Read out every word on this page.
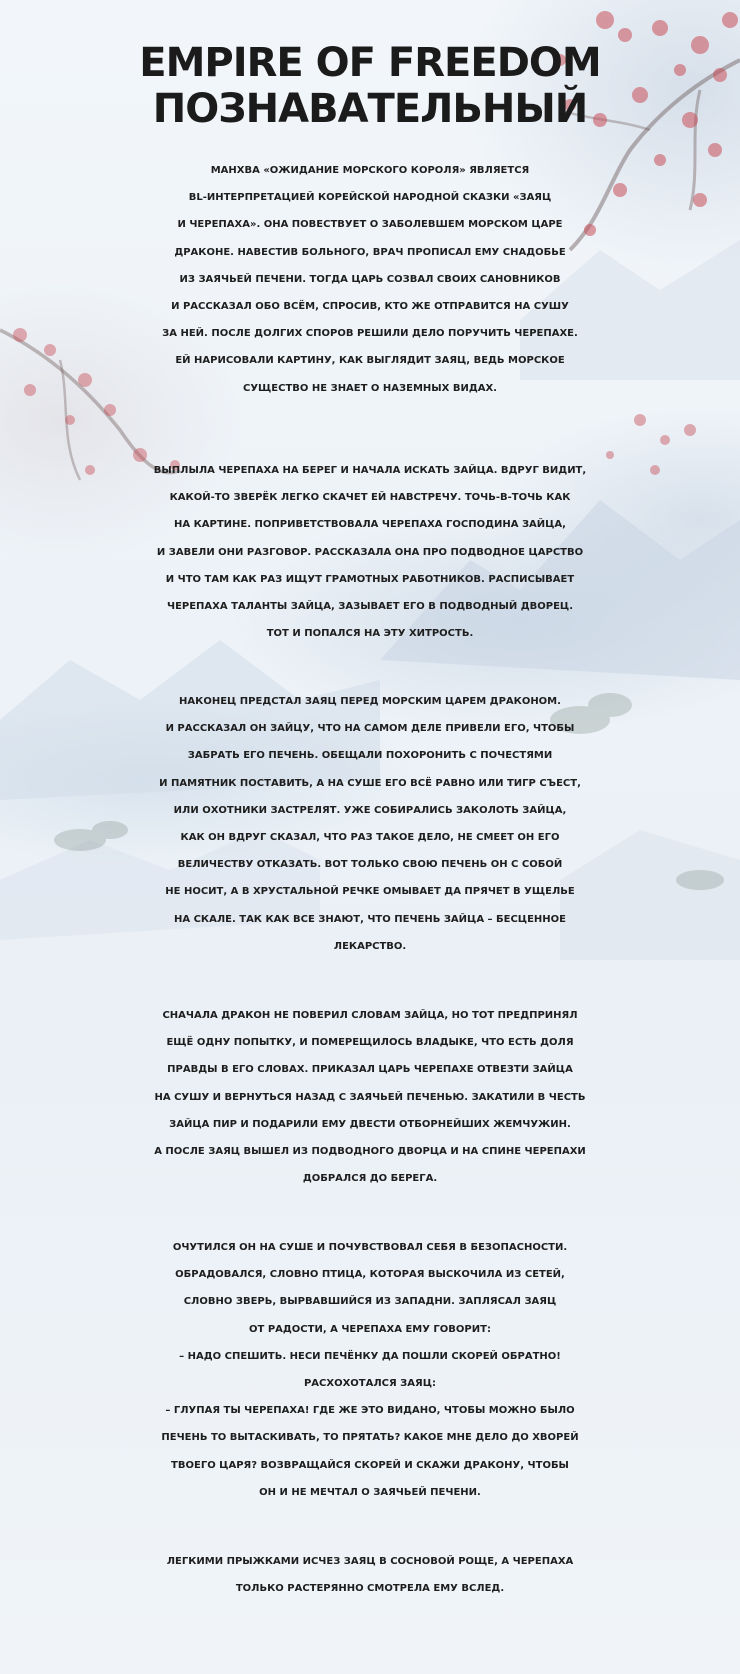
EMPIRE OF FREEDOM
ПОЗНАВАТЕЛЬНЫЙ
МАНХВА «ОЖИДАНИЕ МОРСКОГО КОРОЛЯ» ЯВЛЯЕТСЯ
BL-ИНТЕРПРЕТАЦИЕЙ КОРЕЙСКОЙ НАРОДНОЙ СКАЗКИ «ЗАЯЦ
И ЧЕРЕПАХА». ОНА ПОВЕСТВУЕТ О ЗАБОЛЕВШЕМ МОРСКОМ ЦАРЕ
ДРАКОНЕ. НАВЕСТИВ БОЛЬНОГО, ВРАЧ ПРОПИСАЛ ЕМУ СНАДОБЬЕ
ИЗ ЗАЯЧЬЕЙ ПЕЧЕНИ. ТОГДА ЦАРЬ СОЗВАЛ СВОИХ САНОВНИКОВ
И РАССКАЗАЛ ОБО ВСЁМ, СПРОСИВ, КТО ЖЕ ОТПРАВИТСЯ НА СУШУ
ЗА НЕЙ. ПОСЛЕ ДОЛГИХ СПОРОВ РЕШИЛИ ДЕЛО ПОРУЧИТЬ ЧЕРЕПАХЕ.
ЕЙ НАРИСОВАЛИ КАРТИНУ, КАК ВЫГЛЯДИТ ЗАЯЦ, ВЕДЬ МОРСКОЕ
СУЩЕСТВО НЕ ЗНАЕТ О НАЗЕМНЫХ ВИДАХ.
ВЫПЛЫЛА ЧЕРЕПАХА НА БЕРЕГ И НАЧАЛА ИСКАТЬ ЗАЙЦА. ВДРУГ ВИДИТ,
КАКОЙ-ТО ЗВЕРЁК ЛЕГКО СКАЧЕТ ЕЙ НАВСТРЕЧУ. ТОЧЬ-В-ТОЧЬ КАК
НА КАРТИНЕ. ПОПРИВЕТСТВОВАЛА ЧЕРЕПАХА ГОСПОДИНА ЗАЙЦА,
И ЗАВЕЛИ ОНИ РАЗГОВОР. РАССКАЗАЛА ОНА ПРО ПОДВОДНОЕ ЦАРСТВО
И ЧТО ТАМ КАК РАЗ ИЩУТ ГРАМОТНЫХ РАБОТНИКОВ. РАСПИСЫВАЕТ
ЧЕРЕПАХА ТАЛАНТЫ ЗАЙЦА, ЗАЗЫВАЕТ ЕГО В ПОДВОДНЫЙ ДВОРЕЦ.
ТОТ И ПОПАЛСЯ НА ЭТУ ХИТРОСТЬ.
НАКОНЕЦ ПРЕДСТАЛ ЗАЯЦ ПЕРЕД МОРСКИМ ЦАРЕМ ДРАКОНОМ.
И РАССКАЗАЛ ОН ЗАЙЦУ, ЧТО НА САМОМ ДЕЛЕ ПРИВЕЛИ ЕГО, ЧТОБЫ
ЗАБРАТЬ ЕГО ПЕЧЕНЬ. ОБЕЩАЛИ ПОХОРОНИТЬ С ПОЧЕСТЯМИ
И ПАМЯТНИК ПОСТАВИТЬ, А НА СУШЕ ЕГО ВСЁ РАВНО ИЛИ ТИГР СЪЕСТ,
ИЛИ ОХОТНИКИ ЗАСТРЕЛЯТ. УЖЕ СОБИРАЛИСЬ ЗАКОЛОТЬ ЗАЙЦА,
КАК ОН ВДРУГ СКАЗАЛ, ЧТО РАЗ ТАКОЕ ДЕЛО, НЕ СМЕЕТ ОН ЕГО
ВЕЛИЧЕСТВУ ОТКАЗАТЬ. ВОТ ТОЛЬКО СВОЮ ПЕЧЕНЬ ОН С СОБОЙ
НЕ НОСИТ, А В ХРУСТАЛЬНОЙ РЕЧКЕ ОМЫВАЕТ ДА ПРЯЧЕТ В УЩЕЛЬЕ
НА СКАЛЕ. ТАК КАК ВСЕ ЗНАЮТ, ЧТО ПЕЧЕНЬ ЗАЙЦА – БЕСЦЕННОЕ
ЛЕКАРСТВО.
СНАЧАЛА ДРАКОН НЕ ПОВЕРИЛ СЛОВАМ ЗАЙЦА, НО ТОТ ПРЕДПРИНЯЛ
ЕЩЁ ОДНУ ПОПЫТКУ, И ПОМЕРЕЩИЛОСЬ ВЛАДЫКЕ, ЧТО ЕСТЬ ДОЛЯ
ПРАВДЫ В ЕГО СЛОВАХ. ПРИКАЗАЛ ЦАРЬ ЧЕРЕПАХЕ ОТВЕЗТИ ЗАЙЦА
НА СУШУ И ВЕРНУТЬСЯ НАЗАД С ЗАЯЧЬЕЙ ПЕЧЕНЬЮ. ЗАКАТИЛИ В ЧЕСТЬ
ЗАЙЦА ПИР И ПОДАРИЛИ ЕМУ ДВЕСТИ ОТБОРНЕЙШИХ ЖЕМЧУЖИН.
А ПОСЛЕ ЗАЯЦ ВЫШЕЛ ИЗ ПОДВОДНОГО ДВОРЦА И НА СПИНЕ ЧЕРЕПАХИ
ДОБРАЛСЯ ДО БЕРЕГА.
ОЧУТИЛСЯ ОН НА СУШЕ И ПОЧУВСТВОВАЛ СЕБЯ В БЕЗОПАСНОСТИ.
ОБРАДОВАЛСЯ, СЛОВНО ПТИЦА, КОТОРАЯ ВЫСКОЧИЛА ИЗ СЕТЕЙ,
СЛОВНО ЗВЕРЬ, ВЫРВАВШИЙСЯ ИЗ ЗАПАДНИ. ЗАПЛЯСАЛ ЗАЯЦ
ОТ РАДОСТИ, А ЧЕРЕПАХА ЕМУ ГОВОРИТ:
– НАДО СПЕШИТЬ. НЕСИ ПЕЧЁНКУ ДА ПОШЛИ СКОРЕЙ ОБРАТНО!
РАСХОХОТАЛСЯ ЗАЯЦ:
– ГЛУПАЯ ТЫ ЧЕРЕПАХА! ГДЕ ЖЕ ЭТО ВИДАНО, ЧТОБЫ МОЖНО БЫЛО
ПЕЧЕНЬ ТО ВЫТАСКИВАТЬ, ТО ПРЯТАТЬ? КАКОЕ МНЕ ДЕЛО ДО ХВОРЕЙ
ТВОЕГО ЦАРЯ? ВОЗВРАЩАЙСЯ СКОРЕЙ И СКАЖИ ДРАКОНУ, ЧТОБЫ
ОН И НЕ МЕЧТАЛ О ЗАЯЧЬЕЙ ПЕЧЕНИ.
ЛЕГКИМИ ПРЫЖКАМИ ИСЧЕЗ ЗАЯЦ В СОСНОВОЙ РОЩЕ, А ЧЕРЕПАХА
ТОЛЬКО РАСТЕРЯННО СМОТРЕЛА ЕМУ ВСЛЕД.
